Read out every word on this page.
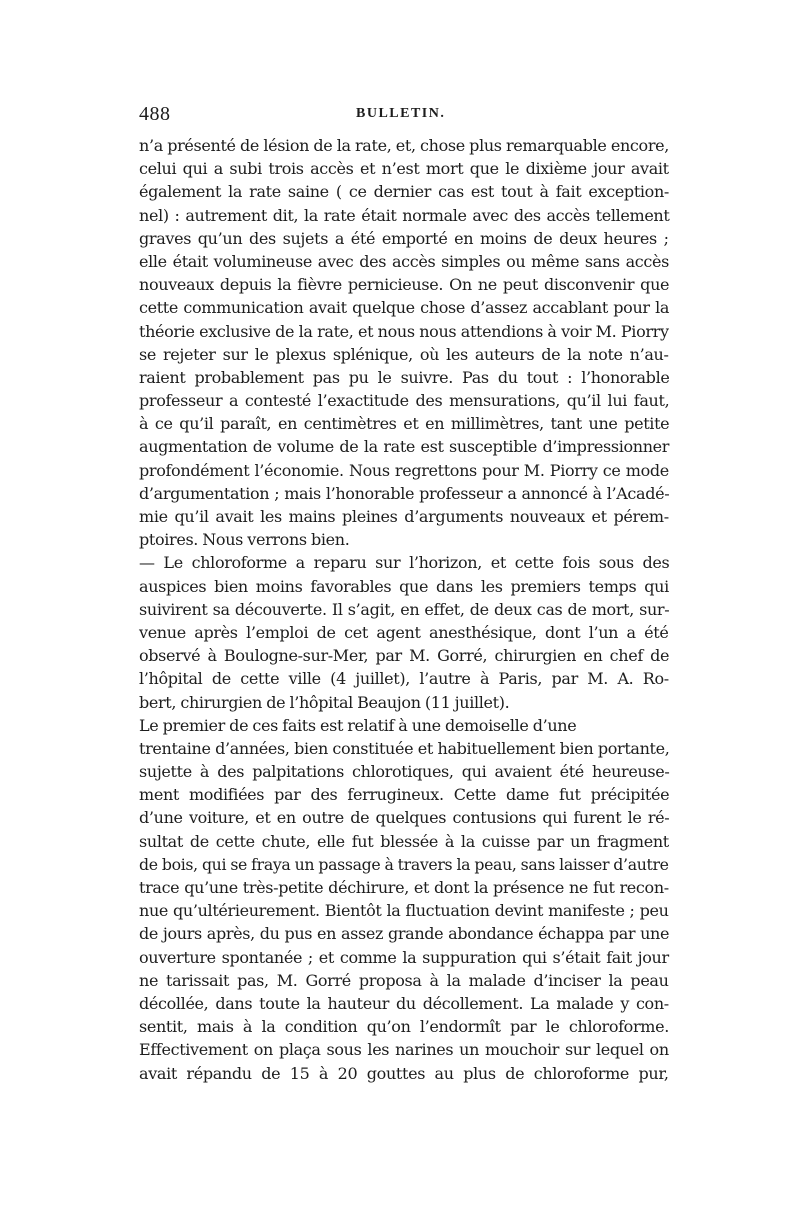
488	BULLETIN.
n’a présenté de lésion de la rate, et, chose plus remarquable encore,
celui qui a subi trois accès et n’est mort que le dixième jour avait
également la rate saine ( ce dernier cas est tout à fait exception-
nel) : autrement dit, la rate était normale avec des accès tellement
graves qu’un des sujets a été emporté en moins de deux heures ;
elle était volumineuse avec des accès simples ou même sans accès
nouveaux depuis la fièvre pernicieuse. On ne peut disconvenir que
cette communication avait quelque chose d’assez accablant pour la
théorie exclusive de la rate, et nous nous attendions à voir M. Piorry
se rejeter sur le plexus splénique, où les auteurs de la note n’au-
raient probablement pas pu le suivre. Pas du tout : l’honorable
professeur a contesté l’exactitude des mensurations, qu’il lui faut,
à ce qu’il paraît, en centimètres et en millimètres, tant une petite
augmentation de volume de la rate est susceptible d’impressionner
profondément l’économie. Nous regrettons pour M. Piorry ce mode
d’argumentation ; mais l’honorable professeur a annoncé à l’Acadé-
mie qu’il avait les mains pleines d’arguments nouveaux et pérem-
ptoires. Nous verrons bien.
— Le chloroforme a reparu sur l’horizon, et cette fois sous des
auspices bien moins favorables que dans les premiers temps qui
suivirent sa découverte. Il s’agit, en effet, de deux cas de mort, sur-
venue après l’emploi de cet agent anesthésique, dont l’un a été
observé à Boulogne-sur-Mer, par M. Gorré, chirurgien en chef de
l’hôpital de cette ville (4 juillet), l’autre à Paris, par M. A. Ro-
bert, chirurgien de l’hôpital Beaujon (11 juillet).
Le premier de ces faits est relatif à une demoiselle d’une
trentaine d’années, bien constituée et habituellement bien portante,
sujette à des palpitations chlorotiques, qui avaient été heureuse-
ment modifiées par des ferrugineux. Cette dame fut précipitée
d’une voiture, et en outre de quelques contusions qui furent le ré-
sultat de cette chute, elle fut blessée à la cuisse par un fragment
de bois, qui se fraya un passage à travers la peau, sans laisser d’autre
trace qu’une très-petite déchirure, et dont la présence ne fut recon-
nue qu’ultérieurement. Bientôt la fluctuation devint manifeste ; peu
de jours après, du pus en assez grande abondance échappa par une
ouverture spontanée ; et comme la suppuration qui s’était fait jour
ne tarissait pas, M. Gorré proposa à la malade d’inciser la peau
décollée, dans toute la hauteur du décollement. La malade y con-
sentit, mais à la condition qu’on l’endormît par le chloroforme.
Effectivement on plaça sous les narines un mouchoir sur lequel on
avait répandu de 15 à 20 gouttes au plus de chloroforme pur,
